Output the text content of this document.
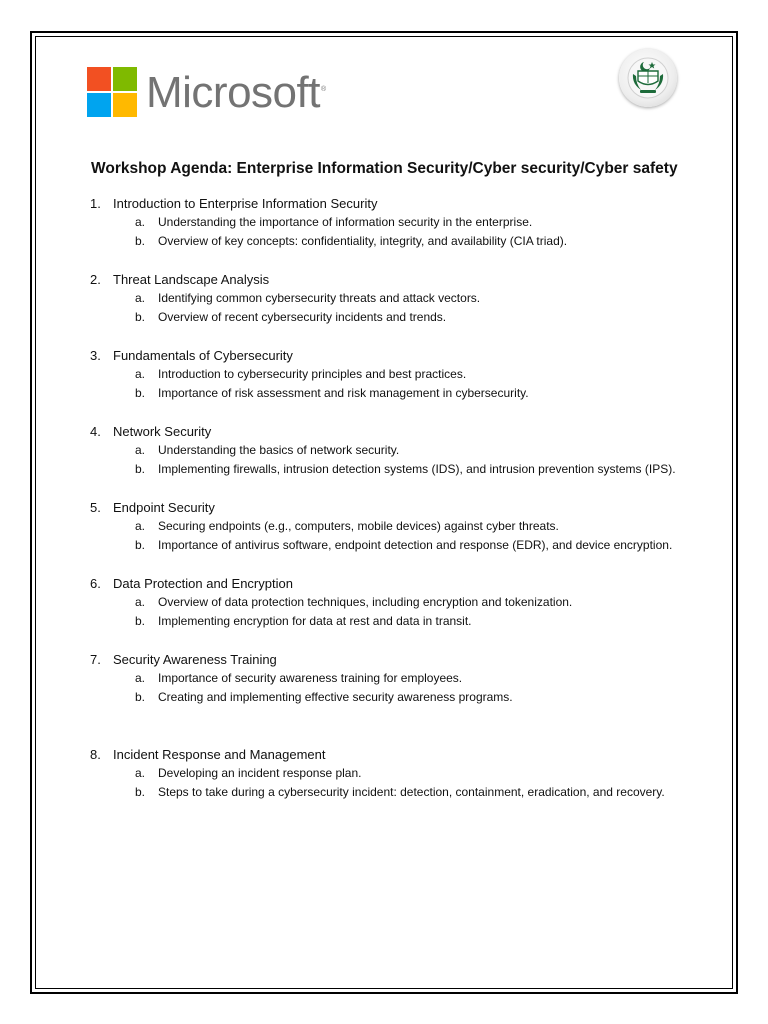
Microsoft®
Workshop Agenda: Enterprise Information Security/Cyber security/Cyber safety
1. Introduction to Enterprise Information Security
a.	Understanding the importance of information security in the enterprise.
b.	Overview of key concepts: confidentiality, integrity, and availability (CIA triad).
2. Threat Landscape Analysis
a.	Identifying common cybersecurity threats and attack vectors.
b.	Overview of recent cybersecurity incidents and trends.
3. Fundamentals of Cybersecurity
a.	Introduction to cybersecurity principles and best practices.
b.	Importance of risk assessment and risk management in cybersecurity.
4. Network Security
a.	Understanding the basics of network security.
b.	Implementing firewalls, intrusion detection systems (IDS), and intrusion prevention systems (IPS).
5. Endpoint Security
a.	Securing endpoints (e.g., computers, mobile devices) against cyber threats.
b.	Importance of antivirus software, endpoint detection and response (EDR), and device encryption.
6. Data Protection and Encryption
a.	Overview of data protection techniques, including encryption and tokenization.
b.	Implementing encryption for data at rest and data in transit.
7. Security Awareness Training
a.	Importance of security awareness training for employees.
b.	Creating and implementing effective security awareness programs.
8. Incident Response and Management
a.	Developing an incident response plan.
b.	Steps to take during a cybersecurity incident: detection, containment, eradication, and recovery.
